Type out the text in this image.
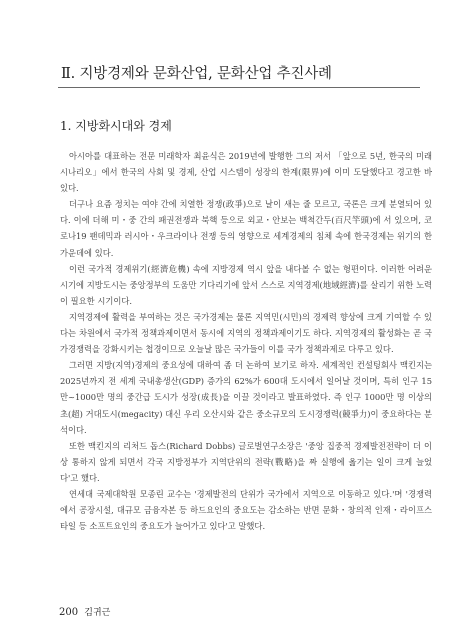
Ⅱ. 지방경제와 문화산업, 문화산업 추진사례
1. 지방화시대와 경제

아시아를 대표하는 전문 미래학자 최윤식은 2019년에 발행한 그의 저서 「앞으로 5년, 한국의 미래 시나리오」에서 한국의 사회 및 경제, 산업 시스템이 성장의 한계(限界)에 이미 도달했다고 경고한 바 있다.

더구나 요즘 정치는 여야 간에 치열한 정쟁(政爭)으로 날이 새는 줄 모르고, 국론은 크게 분열되어 있다. 이에 더해 미・중 간의 패권전쟁과 북핵 등으로 외교・안보는 백척간두(百尺竿頭)에 서 있으며, 코로나19 팬데믹과 러시아・우크라이나 전쟁 등의 영향으로 세계경제의 침체 속에 한국경제는 위기의 한 가운데에 있다.

이런 국가적 경제위기(經濟危機) 속에 지방경제 역시 앞을 내다볼 수 없는 형편이다. 이러한 어려운 시기에 지방도시는 중앙정부의 도움만 기다리기에 앞서 스스로 지역경제(地域經濟)를 살리기 위한 노력이 필요한 시기이다.

지역경제에 활력을 부여하는 것은 국가경제는 물론 지역민(시민)의 경제력 향상에 크게 기여할 수 있다는 차원에서 국가적 정책과제이면서 동시에 지역의 정책과제이기도 하다. 지역경제의 활성화는 곧 국가경쟁력을 강화시키는 첩경이므로 오늘날 많은 국가들이 이를 국가 정책과제로 다루고 있다.

그러면 지방(지역)경제의 중요성에 대하여 좀 더 논하여 보기로 하자. 세계적인 컨설팅회사 맥킨지는 2025년까지 전 세계 국내총생산(GDP) 증가의 62%가 600대 도시에서 일어날 것이며, 특히 인구 15만~1000만 명의 중간급 도시가 성장(成長)을 이끌 것이라고 발표하였다. 즉 인구 1000만 명 이상의 초(超) 거대도시(megacity) 대신 우리 오산시와 같은 중소규모의 도시경쟁력(競爭力)이 중요하다는 분석이다.

또한 맥킨지의 리처드 돕스(Richard Dobbs) 글로벌연구소장은 '중앙 집중적 경제발전전략이 더 이상 통하지 않게 되면서 각국 지방정부가 지역단위의 전략(戰略)을 짜 실행에 옮기는 일이 크게 늘었다'고 했다.

연세대 국제대학원 모종린 교수는 '경제발전의 단위가 국가에서 지역으로 이동하고 있다.'며 '경쟁력에서 공장시설, 대규모 금융자본 등 하드요인의 중요도는 감소하는 반면 문화・창의적 인재・라이프스타일 등 소프트요인의 중요도가 늘어가고 있다'고 말했다.

200 김귀근
